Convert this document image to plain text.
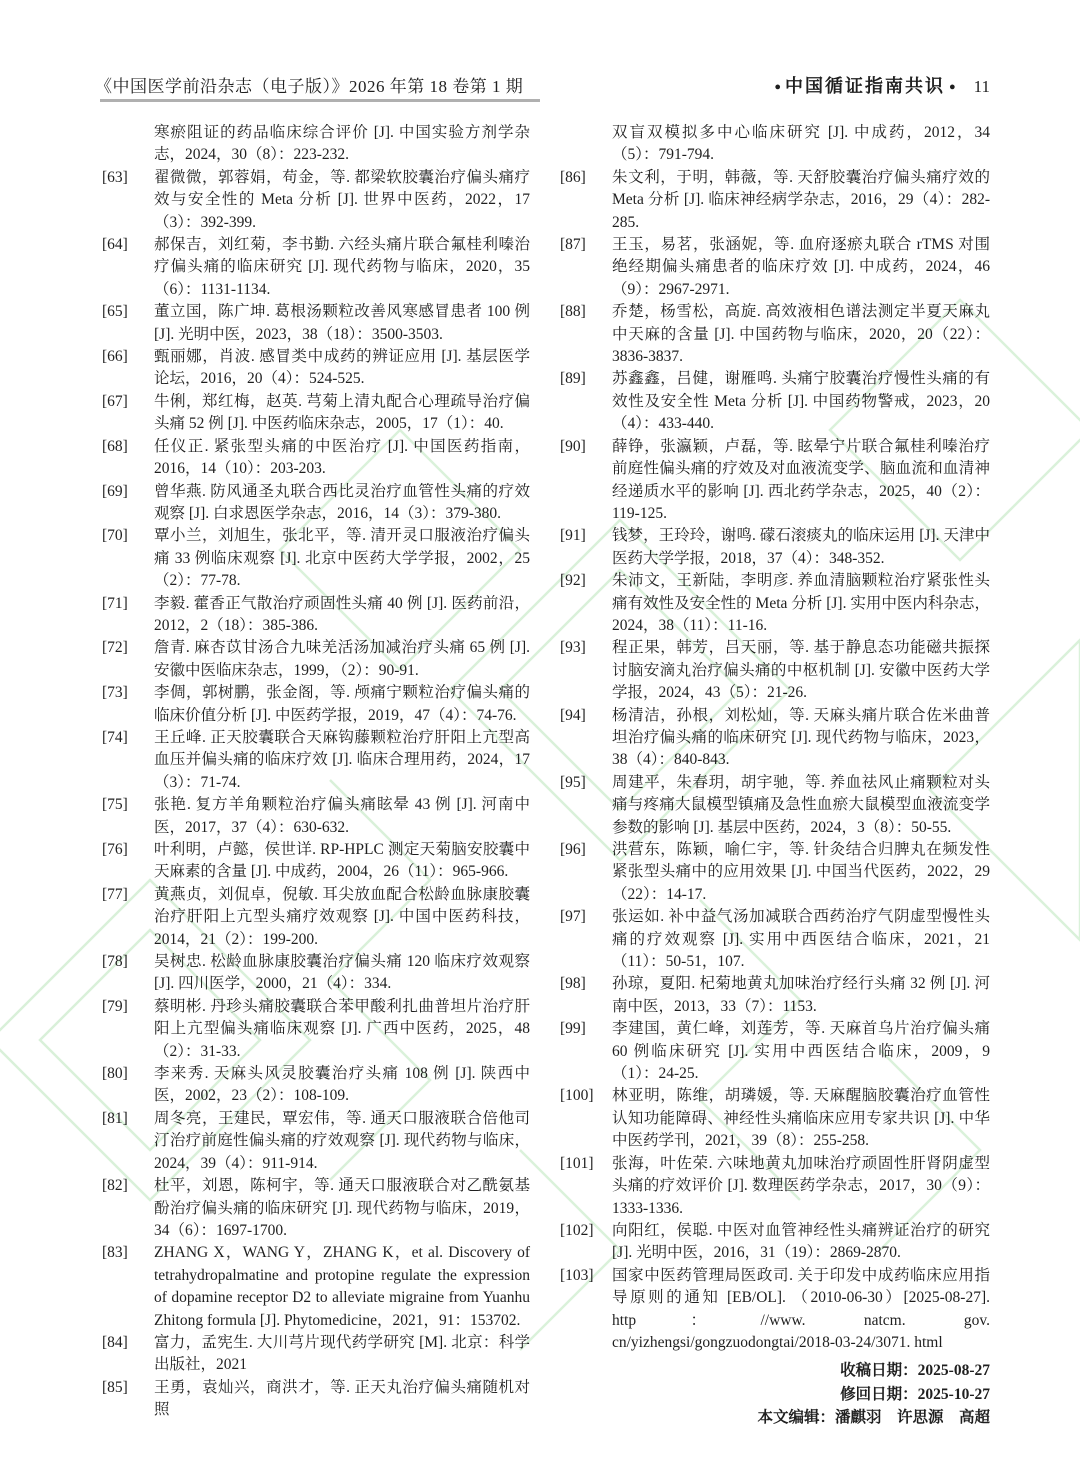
《中国医学前沿杂志（电子版）》2026 年第 18 卷第 1 期	● 中国循证指南共识 ● 11

寒瘀阻证的药品临床综合评价 [J]. 中国实验方剂学杂志，2024，30（8）：223-232.

[63]	翟微微，郭蓉娟，苟金，等. 都梁软胶囊治疗偏头痛疗效与安全性的 Meta 分析 [J]. 世界中医药，2022，17（3）：392-399.
[64]	郝保吉，刘红菊，李书勤. 六经头痛片联合氟桂利嗪治疗偏头痛的临床研究 [J]. 现代药物与临床，2020，35（6）：1131-1134.
[65]	董立国，陈广坤. 葛根汤颗粒改善风寒感冒患者 100 例 [J]. 光明中医，2023，38（18）：3500-3503.
[66]	甄丽娜，肖波. 感冒类中成药的辨证应用 [J]. 基层医学论坛，2016，20（4）：524-525.
[67]	牛俐，郑红梅，赵英. 芎菊上清丸配合心理疏导治疗偏头痛 52 例 [J]. 中医药临床杂志，2005，17（1）：40.
[68]	任仪正. 紧张型头痛的中医治疗 [J]. 中国医药指南，2016，14（10）：203-203.
[69]	曾华燕. 防风通圣丸联合西比灵治疗血管性头痛的疗效观察 [J]. 白求恩医学杂志，2016，14（3）：379-380.
[70]	覃小兰，刘旭生，张北平，等. 清开灵口服液治疗偏头痛 33 例临床观察 [J]. 北京中医药大学学报，2002，25（2）：77-78.
[71]	李毅. 藿香正气散治疗顽固性头痛 40 例 [J]. 医药前沿，2012，2（18）：385-386.
[72]	詹青. 麻杏苡甘汤合九味羌活汤加减治疗头痛 65 例 [J]. 安徽中医临床杂志，1999，（2）：90-91.
[73]	李倜，郭树鹏，张金阁，等. 颅痛宁颗粒治疗偏头痛的临床价值分析 [J]. 中医药学报，2019，47（4）：74-76.
[74]	王丘峰. 正天胶囊联合天麻钩藤颗粒治疗肝阳上亢型高血压并偏头痛的临床疗效 [J]. 临床合理用药，2024，17（3）：71-74.
[75]	张艳. 复方羊角颗粒治疗偏头痛眩晕 43 例 [J]. 河南中医，2017，37（4）：630-632.
[76]	叶利明，卢懿，侯世详. RP-HPLC 测定天菊脑安胶囊中天麻素的含量 [J]. 中成药，2004，26（11）：965-966.
[77]	黄燕贞，刘侃卓，倪敏. 耳尖放血配合松龄血脉康胶囊治疗肝阳上亢型头痛疗效观察 [J]. 中国中医药科技，2014，21（2）：199-200.
[78]	吴树忠. 松龄血脉康胶囊治疗偏头痛 120 临床疗效观察 [J]. 四川医学，2000，21（4）：334.
[79]	蔡明彬. 丹珍头痛胶囊联合苯甲酸利扎曲普坦片治疗肝阳上亢型偏头痛临床观察 [J]. 广西中医药，2025，48（2）：31-33.
[80]	李来秀. 天麻头风灵胶囊治疗头痛 108 例 [J]. 陕西中医，2002，23（2）：108-109.
[81]	周冬亮，王建民，覃宏伟，等. 通天口服液联合倍他司汀治疗前庭性偏头痛的疗效观察 [J]. 现代药物与临床，2024，39（4）：911-914.
[82]	杜平，刘恩，陈柯宇，等. 通天口服液联合对乙酰氨基酚治疗偏头痛的临床研究 [J]. 现代药物与临床，2019，34（6）：1697-1700.
[83]	ZHANG X，WANG Y，ZHANG K，et al. Discovery of tetrahydropalmatine and protopine regulate the expression of dopamine receptor D2 to alleviate migraine from Yuanhu Zhitong formula [J]. Phytomedicine，2021，91：153702.
[84]	富力，孟宪生. 大川芎片现代药学研究 [M]. 北京：科学出版社，2021
[85]	王勇，袁灿兴，商洪才，等. 正天丸治疗偏头痛随机对照

双盲双模拟多中心临床研究 [J]. 中成药，2012，34（5）：791-794.

[86]	朱文利，于明，韩薇，等. 天舒胶囊治疗偏头痛疗效的 Meta 分析 [J]. 临床神经病学杂志，2016，29（4）：282-285.
[87]	王玉，易茗，张涵妮，等. 血府逐瘀丸联合 rTMS 对围绝经期偏头痛患者的临床疗效 [J]. 中成药，2024，46（9）：2967-2971.
[88]	乔楚，杨雪松，高旋. 高效液相色谱法测定半夏天麻丸中天麻的含量 [J]. 中国药物与临床，2020，20（22）：3836-3837.
[89]	苏鑫鑫，吕健，谢雁鸣. 头痛宁胶囊治疗慢性头痛的有效性及安全性 Meta 分析 [J]. 中国药物警戒，2023，20（4）：433-440.
[90]	薛铮，张瀛颖，卢磊，等. 眩晕宁片联合氟桂利嗪治疗前庭性偏头痛的疗效及对血液流变学、脑血流和血清神经递质水平的影响 [J]. 西北药学杂志，2025，40（2）：119-125.
[91]	钱梦，王玲玲，谢鸣. 礞石滚痰丸的临床运用 [J]. 天津中医药大学学报，2018，37（4）：348-352.
[92]	朱沛文，王新陆，李明彦. 养血清脑颗粒治疗紧张性头痛有效性及安全性的 Meta 分析 [J]. 实用中医内科杂志，2024，38（11）：11-16.
[93]	程正果，韩芳，吕天丽，等. 基于静息态功能磁共振探讨脑安滴丸治疗偏头痛的中枢机制 [J]. 安徽中医药大学学报，2024，43（5）：21-26.
[94]	杨清洁，孙根，刘松灿，等. 天麻头痛片联合佐米曲普坦治疗偏头痛的临床研究 [J]. 现代药物与临床，2023，38（4）：840-843.
[95]	周建平，朱春玥，胡宇驰，等. 养血祛风止痛颗粒对头痛与疼痛大鼠模型镇痛及急性血瘀大鼠模型血液流变学参数的影响 [J]. 基层中医药，2024，3（8）：50-55.
[96]	洪营东，陈颖，喻仁宇，等. 针灸结合归脾丸在频发性紧张型头痛中的应用效果 [J]. 中国当代医药，2022，29（22）：14-17.
[97]	张运如. 补中益气汤加减联合西药治疗气阴虚型慢性头痛的疗效观察 [J]. 实用中西医结合临床，2021，21（11）：50-51，107.
[98]	孙琼，夏阳. 杞菊地黄丸加味治疗经行头痛 32 例 [J]. 河南中医，2013，33（7）：1153.
[99]	李建国，黄仁峰，刘莲芳，等. 天麻首乌片治疗偏头痛 60 例临床研究 [J]. 实用中西医结合临床，2009，9（1）：24-25.
[100]	林亚明，陈维，胡璘媛，等. 天麻醒脑胶囊治疗血管性认知功能障碍、神经性头痛临床应用专家共识 [J]. 中华中医药学刊，2021，39（8）：255-258.
[101]	张海，叶佐荣. 六味地黄丸加味治疗顽固性肝肾阴虚型头痛的疗效评价 [J]. 数理医药学杂志，2017，30（9）：1333-1336.
[102]	向阳红，侯聪. 中医对血管神经性头痛辨证治疗的研究 [J]. 光明中医，2016，31（19）：2869-2870.
[103]	国家中医药管理局医政司. 关于印发中成药临床应用指导原则的通知 [EB/OL]. （2010-06-30）[2025-08-27]. http：//www. natcm. gov. cn/yizhengsi/gongzuodongtai/2018-03-24/3071. html

收稿日期：2025-08-27

修回日期：2025-10-27

本文编辑：潘麒羽　许思源　高超
